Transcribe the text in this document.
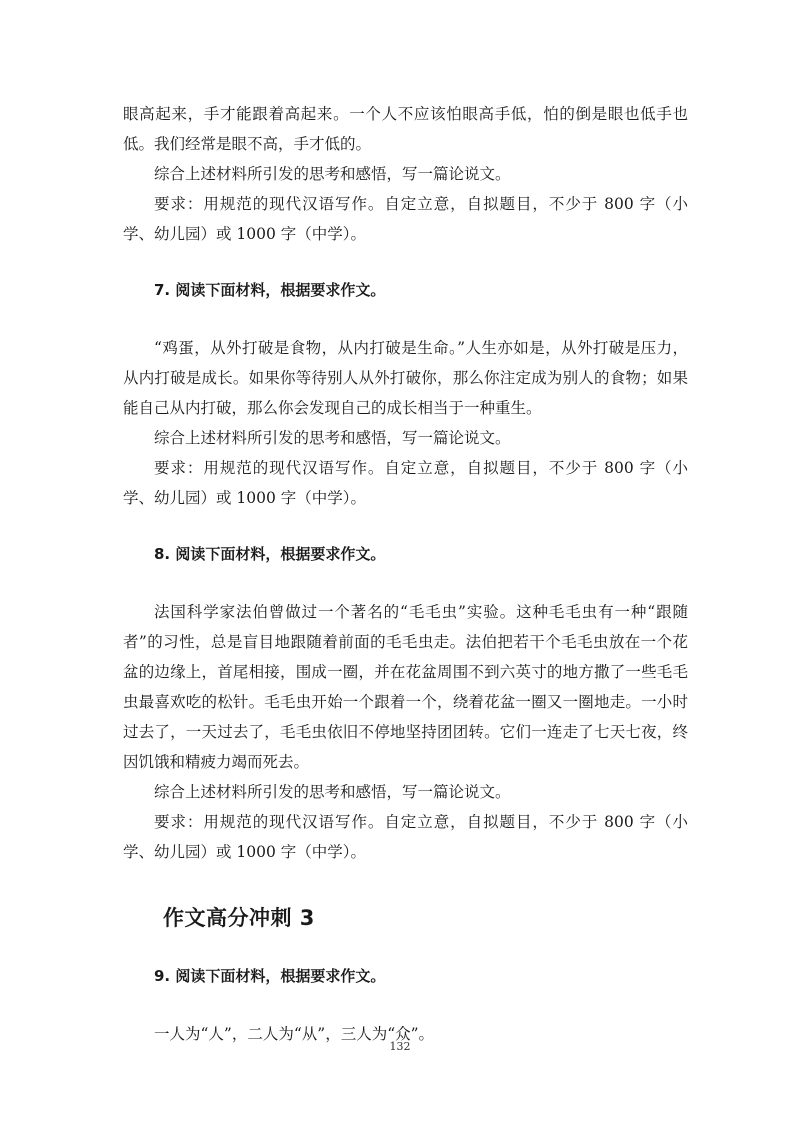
眼高起来，手才能跟着高起来。一个人不应该怕眼高手低，怕的倒是眼也低手也低。我们经常是眼不高，手才低的。

综合上述材料所引发的思考和感悟，写一篇论说文。

要求：用规范的现代汉语写作。自定立意，自拟题目，不少于 800 字（小学、幼儿园）或 1000 字（中学）。

7. 阅读下面材料，根据要求作文。

“鸡蛋，从外打破是食物，从内打破是生命。”人生亦如是，从外打破是压力，从内打破是成长。如果你等待别人从外打破你，那么你注定成为别人的食物；如果能自己从内打破，那么你会发现自己的成长相当于一种重生。

综合上述材料所引发的思考和感悟，写一篇论说文。

要求：用规范的现代汉语写作。自定立意，自拟题目，不少于 800 字（小学、幼儿园）或 1000 字（中学）。

8. 阅读下面材料，根据要求作文。

法国科学家法伯曾做过一个著名的“毛毛虫”实验。这种毛毛虫有一种“跟随者”的习性，总是盲目地跟随着前面的毛毛虫走。法伯把若干个毛毛虫放在一个花盆的边缘上，首尾相接，围成一圈，并在花盆周围不到六英寸的地方撒了一些毛毛虫最喜欢吃的松针。毛毛虫开始一个跟着一个，绕着花盆一圈又一圈地走。一小时过去了，一天过去了，毛毛虫依旧不停地坚持团团转。它们一连走了七天七夜，终因饥饿和精疲力竭而死去。

综合上述材料所引发的思考和感悟，写一篇论说文。

要求：用规范的现代汉语写作。自定立意，自拟题目，不少于 800 字（小学、幼儿园）或 1000 字（中学）。

作文高分冲刺 3
9. 阅读下面材料，根据要求作文。

一人为“人”，二人为“从”，三人为“众”。

132
